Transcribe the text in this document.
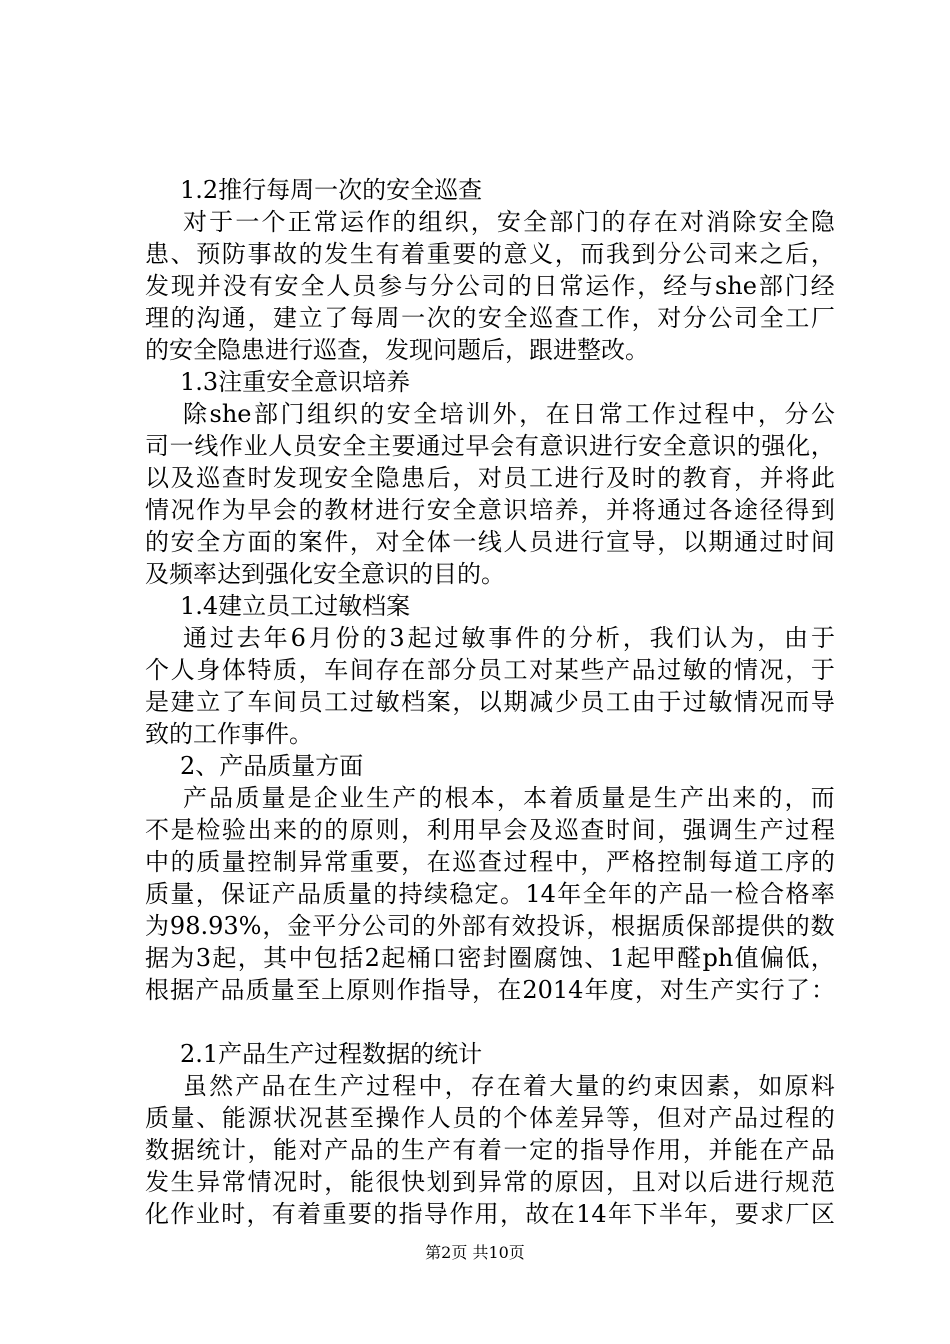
1.2推行每周一次的安全巡查
对 于 一 个 正 常 运 作 的 组 织 ， 安 全 部 门 的 存 在 对 消 除 安 全 隐
患 、 预 防 事 故 的 发 生 有 着 重 要 的 意 义 ， 而 我 到 分 公 司 来 之 后 ，
发 现 并 没 有 安 全 人 员 参 与 分 公 司 的 日 常 运 作 ， 经 与 she 部 门 经
理 的 沟 通 ， 建 立 了 每 周 一 次 的 安 全 巡 查 工 作 ， 对 分 公 司 全 工 厂
的安全隐患进行巡查，发现问题后，跟进整改。
1.3注重安全意识培养
除 she 部 门 组 织 的 安 全 培 训 外 ， 在 日 常 工 作 过 程 中 ， 分 公
司 一 线 作 业 人 员 安 全 主 要 通 过 早 会 有 意 识 进 行 安 全 意 识 的 强 化 ，
以 及 巡 查 时 发 现 安 全 隐 患 后 ， 对 员 工 进 行 及 时 的 教 育 ， 并 将 此
情 况 作 为 早 会 的 教 材 进 行 安 全 意 识 培 养 ， 并 将 通 过 各 途 径 得 到
的 安 全 方 面 的 案 件 ， 对 全 体 一 线 人 员 进 行 宣 导 ， 以 期 通 过 时 间
及频率达到强化安全意识的目的。
1.4建立员工过敏档案
通 过 去 年 6 月 份 的 3 起 过 敏 事 件 的 分 析 ， 我 们 认 为 ， 由 于
个 人 身 体 特 质 ， 车 间 存 在 部 分 员 工 对 某 些 产 品 过 敏 的 情 况 ， 于
是 建 立 了 车 间 员 工 过 敏 档 案 ， 以 期 减 少 员 工 由 于 过 敏 情 况 而 导
致的工作事件。
2、产品质量方面
产 品 质 量 是 企 业 生 产 的 根 本 ， 本 着 质 量 是 生 产 出 来 的 ， 而
不 是 检 验 出 来 的 的 原 则 ， 利 用 早 会 及 巡 查 时 间 ， 强 调 生 产 过 程
中 的 质 量 控 制 异 常 重 要 ， 在 巡 查 过 程 中 ， 严 格 控 制 每 道 工 序 的
质 量 ， 保 证 产 品 质 量 的 持 续 稳 定 。 14 年 全 年 的 产 品 一 检 合 格 率
为 98.93% ， 金 平 分 公 司 的 外 部 有 效 投 诉 ， 根 据 质 保 部 提 供 的 数
据 为 3 起 ， 其 中 包 括 2 起 桶 口 密 封 圈 腐 蚀 、 1 起 甲 醛 ph 值 偏 低 ，
根 据 产 品 质 量 至 上 原 则 作 指 导 ， 在 2014 年 度 ， 对 生 产 实 行 了 ：
2.1产品生产过程数据的统计
虽 然 产 品 在 生 产 过 程 中 ， 存 在 着 大 量 的 约 束 因 素 ， 如 原 料
质 量 、 能 源 状 况 甚 至 操 作 人 员 的 个 体 差 异 等 ， 但 对 产 品 过 程 的
数 据 统 计 ， 能 对 产 品 的 生 产 有 着 一 定 的 指 导 作 用 ， 并 能 在 产 品
发 生 异 常 情 况 时 ， 能 很 快 划 到 异 常 的 原 因 ， 且 对 以 后 进 行 规 范
化 作 业 时 ， 有 着 重 要 的 指 导 作 用 ， 故 在 14 年 下 半 年 ， 要 求 厂 区
第2页 共10页
